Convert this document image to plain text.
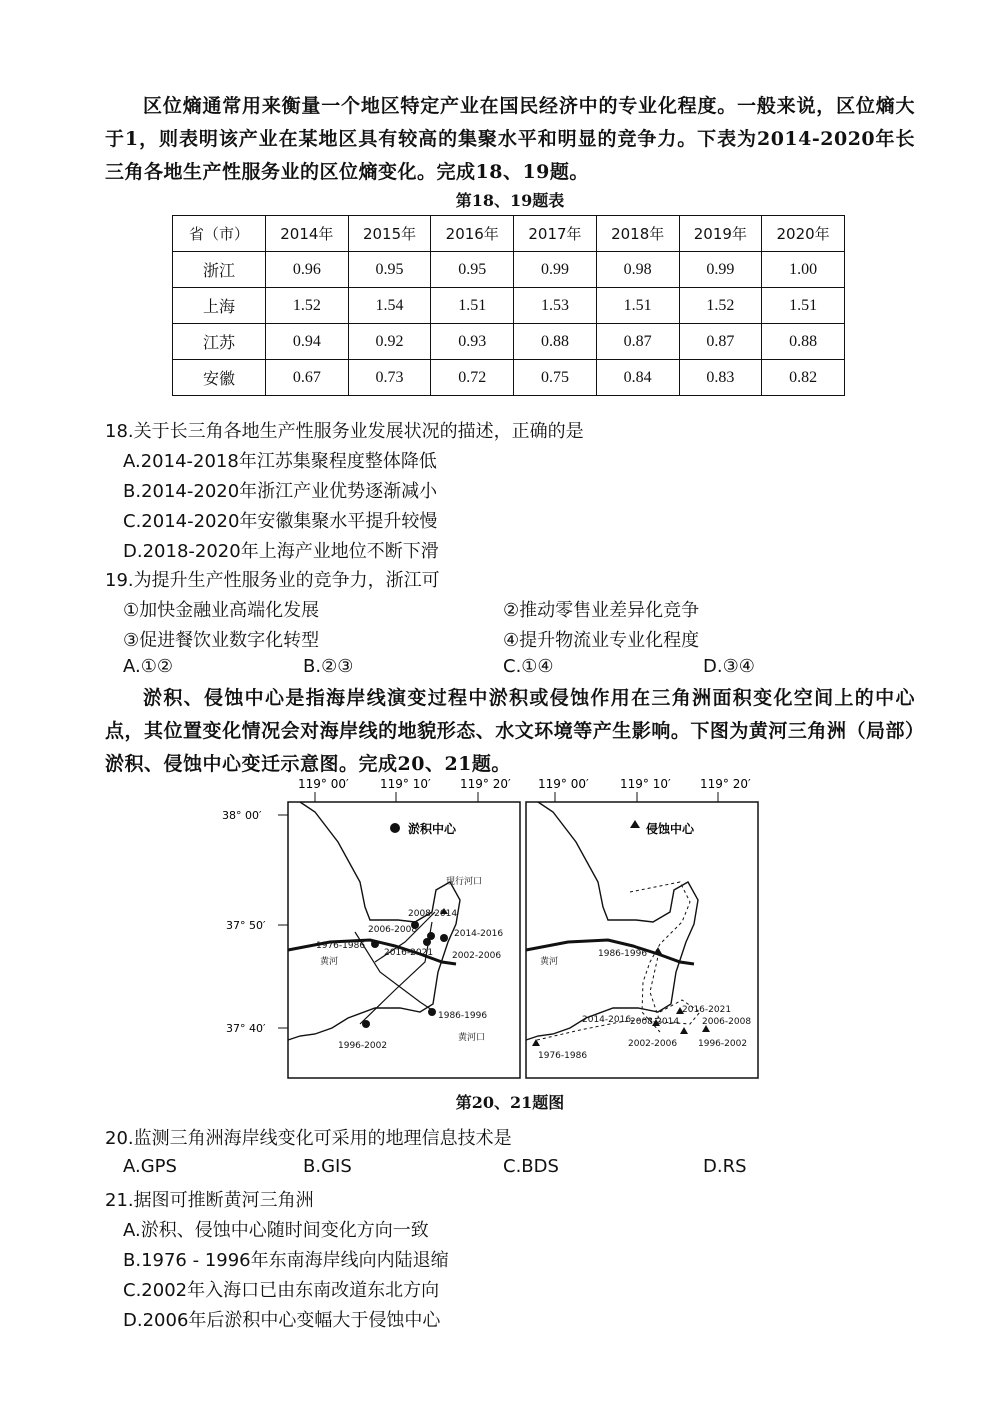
区位熵通常用来衡量一个地区特定产业在国民经济中的专业化程度。一般来说，区位熵大于1，则表明该产业在某地区具有较高的集聚水平和明显的竞争力。下表为2014-2020年长三角各地生产性服务业的区位熵变化。完成18、19题。
第18、19题表
省（市）	2014年	2015年	2016年	2017年	2018年	2019年	2020年
浙江	0.96	0.95	0.95	0.99	0.98	0.99	1.00
上海	1.52	1.54	1.51	1.53	1.51	1.52	1.51
江苏	0.94	0.92	0.93	0.88	0.87	0.87	0.88
安徽	0.67	0.73	0.72	0.75	0.84	0.83	0.82
18.关于长三角各地生产性服务业发展状况的描述，正确的是
A.2014-2018年江苏集聚程度整体降低
B.2014-2020年浙江产业优势逐渐减小
C.2014-2020年安徽集聚水平提升较慢
D.2018-2020年上海产业地位不断下滑
19.为提升生产性服务业的竞争力，浙江可
①加快金融业高端化发展	②推动零售业差异化竞争
③促进餐饮业数字化转型	④提升物流业专业化程度
A.①②	B.②③	C.①④	D.③④
淤积、侵蚀中心是指海岸线演变过程中淤积或侵蚀作用在三角洲面积变化空间上的中心点，其位置变化情况会对海岸线的地貌形态、水文环境等产生影响。下图为黄河三角洲（局部）淤积、侵蚀中心变迁示意图。完成20、21题。
119° 00′	119° 10′ 119° 20′ 119° 00′	119° 10′ 119° 20′
38° 00′
37° 50′
37° 40′
淤积中心
现行河口
2008-2014
2006-2008	2014-2016
1976-1986
2016-2021 2002-2006
1986-1996
1996-2002
黄河口
黄河
侵蚀中心
1986-1996
2016-2021
2014-2016
2008-2014	2006-2008
2002-2006 1996-2002
1976-1986
黄河
第20、21题图
20.监测三角洲海岸线变化可采用的地理信息技术是
A.GPS	B.GIS	C.BDS	D.RS
21.据图可推断黄河三角洲
A.淤积、侵蚀中心随时间变化方向一致
B.1976 - 1996年东南海岸线向内陆退缩
C.2002年入海口已由东南改道东北方向
D.2006年后淤积中心变幅大于侵蚀中心
